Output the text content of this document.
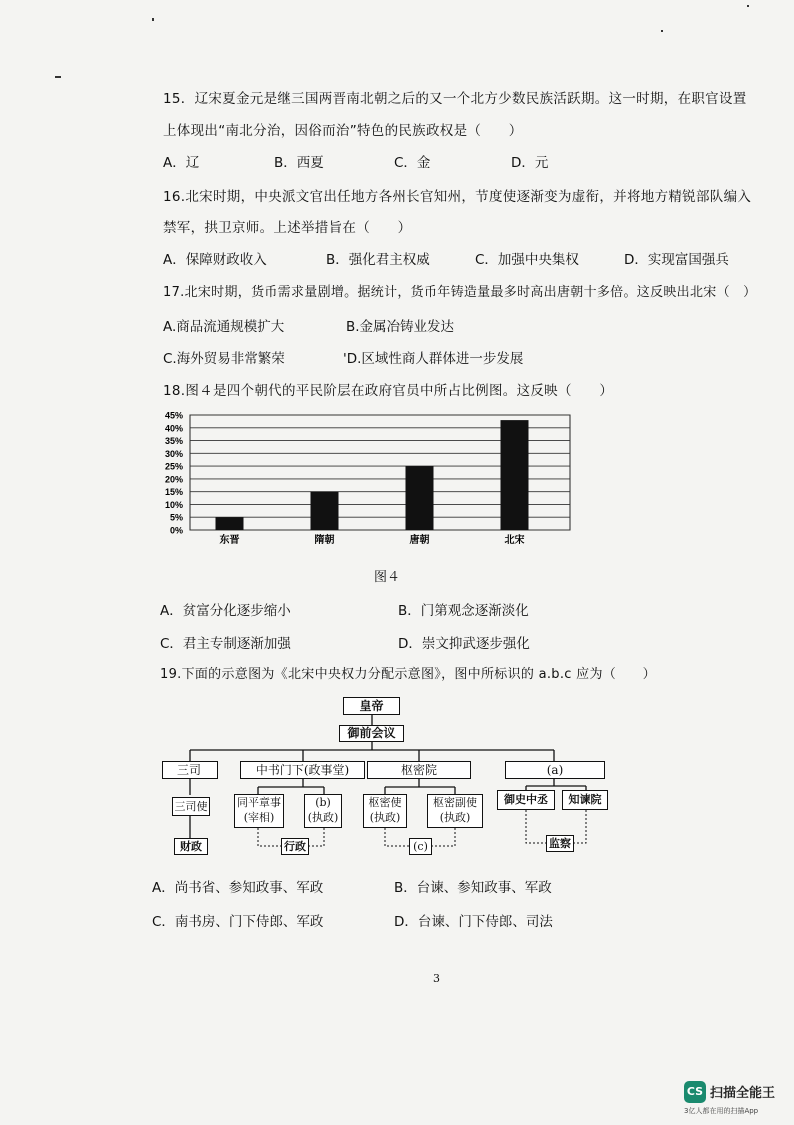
15．辽宋夏金元是继三国两晋南北朝之后的又一个北方少数民族活跃期。这一时期，在职官设置
上体现出“南北分治，因俗而治”特色的民族政权是（　　）
A．辽	B．西夏	C．金	D．元
16.北宋时期，中央派文官出任地方各州长官知州，节度使逐渐变为虚衔，并将地方精锐部队编入
禁军，拱卫京师。上述举措旨在（　　）
A．保障财政收入	B．强化君主权威	C．加强中央集权	D．实现富国强兵
17.北宋时期，货币需求量剧增。据统计，货币年铸造量最多时高出唐朝十多倍。这反映出北宋（　）
A.商品流通规模扩大	B.金属冶铸业发达
C.海外贸易非常繁荣	'D.区域性商人群体进一步发展
18.图４是四个朝代的平民阶层在政府官员中所占比例图。这反映（　　）
0%
5%
10%
15%
20%
25%
30%
35%
40%
45%
东晋	隋朝	唐朝	北宋
图４
A．贫富分化逐步缩小	B．门第观念逐渐淡化
C．君主专制逐渐加强	D．崇文抑武逐步强化
19.下面的示意图为《北宋中央权力分配示意图》，图中所标识的 a.b.c 应为（　　）
皇帝
御前会议
三司	中书门下(政事堂)	枢密院	(a)
三司使
财政
同平章事
(宰相)
(b)
(执政)
行政
枢密使
(执政)
枢密副使
(执政)
(c)
御史中丞	知谏院
监察
A．尚书省、参知政事、军政	B．台谏、参知政事、军政
C．南书房、门下侍郎、军政	D．台谏、门下侍郎、司法
3
CS 扫描全能王
3亿人都在用的扫描App
